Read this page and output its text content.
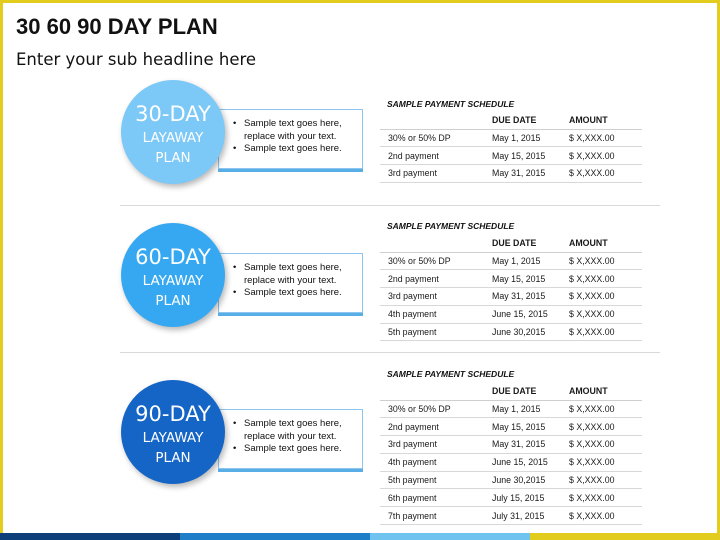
30 60 90 DAY PLAN
Enter your sub headline here
30-DAY
LAYAWAY
PLAN
• Sample text goes here,
replace with your text.
• Sample text goes here.
SAMPLE PAYMENT SCHEDULE
	DUE DATE	AMOUNT
30% or 50% DP	May 1, 2015	$ X,XXX.00
2nd payment	May 15, 2015	$ X,XXX.00
3rd payment	May 31, 2015	$ X,XXX.00
60-DAY
LAYAWAY
PLAN
• Sample text goes here,
replace with your text.
• Sample text goes here.
SAMPLE PAYMENT SCHEDULE
	DUE DATE	AMOUNT
30% or 50% DP	May 1, 2015	$ X,XXX.00
2nd payment	May 15, 2015	$ X,XXX.00
3rd payment	May 31, 2015	$ X,XXX.00
4th payment	June 15, 2015	$ X,XXX.00
5th payment	June 30,2015	$ X,XXX.00
90-DAY
LAYAWAY
PLAN
• Sample text goes here,
replace with your text.
• Sample text goes here.
SAMPLE PAYMENT SCHEDULE
	DUE DATE	AMOUNT
30% or 50% DP	May 1, 2015	$ X,XXX.00
2nd payment	May 15, 2015	$ X,XXX.00
3rd payment	May 31, 2015	$ X,XXX.00
4th payment	June 15, 2015	$ X,XXX.00
5th payment	June 30,2015	$ X,XXX.00
6th payment	July 15, 2015	$ X,XXX.00
7th payment	July 31, 2015	$ X,XXX.00
